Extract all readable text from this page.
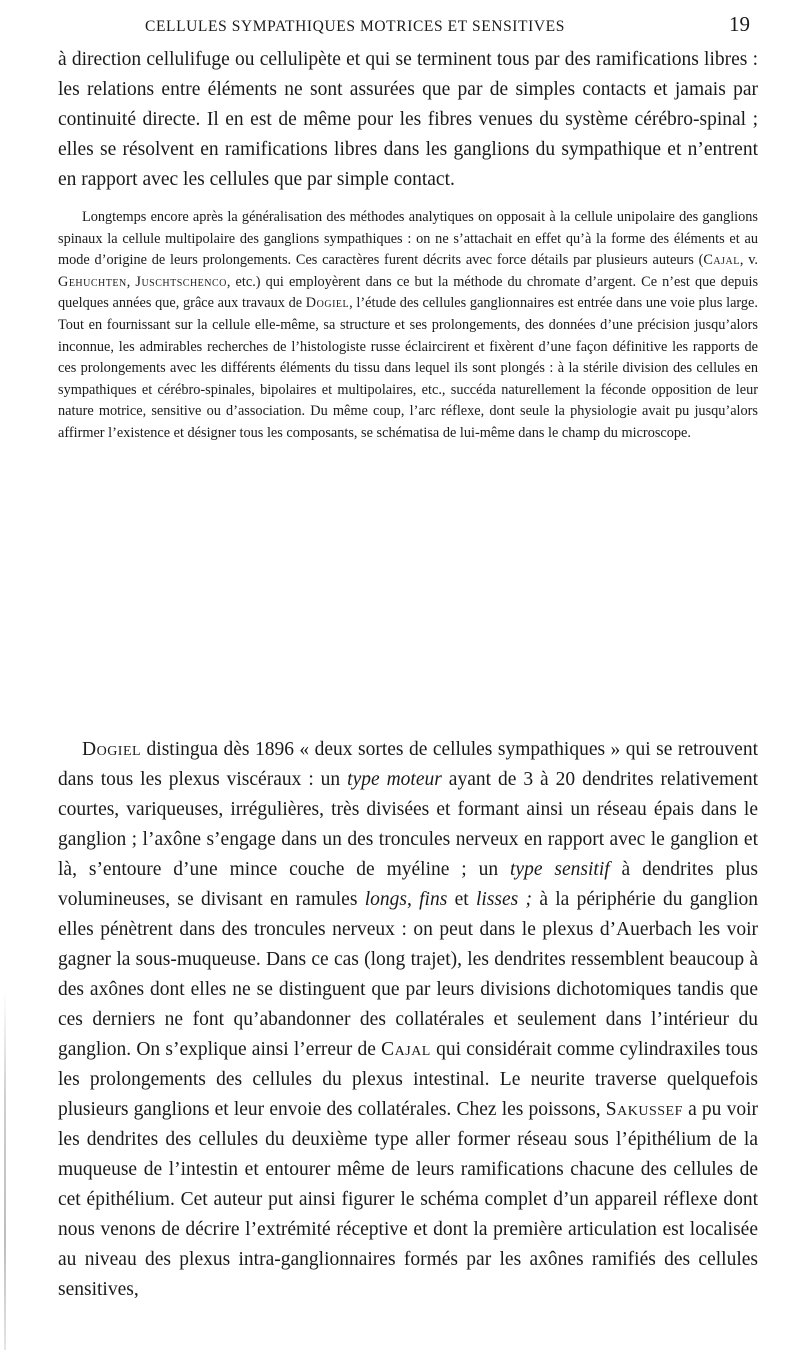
CELLULES SYMPATHIQUES MOTRICES ET SENSITIVES	19

à direction cellulifuge ou cellulipète et qui se terminent tous par des ramifications libres : les relations entre éléments ne sont assurées que par de simples contacts et jamais par continuité directe. Il en est de même pour les fibres venues du système cérébro-spinal ; elles se résolvent en ramifications libres dans les ganglions du sympathique et n’entrent en rapport avec les cellules que par simple contact.

Longtemps encore après la généralisation des méthodes analytiques on opposait à la cellule unipolaire des ganglions spinaux la cellule multipolaire des ganglions sympathiques : on ne s’attachait en effet qu’à la forme des éléments et au mode d’origine de leurs prolongements. Ces caractères furent décrits avec force détails par plusieurs auteurs (Cajal, v. Gehuchten, Juschtschenco, etc.) qui employèrent dans ce but la méthode du chromate d’argent. Ce n’est que depuis quelques années que, grâce aux travaux de Dogiel, l’étude des cellules ganglionnaires est entrée dans une voie plus large. Tout en fournissant sur la cellule elle-même, sa structure et ses prolongements, des données d’une précision jusqu’alors inconnue, les admirables recherches de l’histologiste russe éclaircirent et fixèrent d’une façon définitive les rapports de ces prolongements avec les différents éléments du tissu dans lequel ils sont plongés : à la stérile division des cellules en sympathiques et cérébro-spinales, bipolaires et multipolaires, etc., succéda naturellement la féconde opposition de leur nature motrice, sensitive ou d’association. Du même coup, l’arc réflexe, dont seule la physiologie avait pu jusqu’alors affirmer l’existence et désigner tous les composants, se schématisa de lui-même dans le champ du microscope.

Dogiel distingua dès 1896 « deux sortes de cellules sympathiques » qui se retrouvent dans tous les plexus viscéraux : un type moteur ayant de 3 à 20 dendrites relativement courtes, variqueuses, irrégulières, très divisées et formant ainsi un réseau épais dans le ganglion ; l’axône s’engage dans un des troncules nerveux en rapport avec le ganglion et là, s’entoure d’une mince couche de myéline ; un type sensitif à dendrites plus volumineuses, se divisant en ramules longs, fins et lisses ; à la périphérie du ganglion elles pénètrent dans des troncules nerveux : on peut dans le plexus d’Auerbach les voir gagner la sous-muqueuse. Dans ce cas (long trajet), les dendrites ressemblent beaucoup à des axônes dont elles ne se distinguent que par leurs divisions dichotomiques tandis que ces derniers ne font qu’abandonner des collatérales et seulement dans l’intérieur du ganglion. On s’explique ainsi l’erreur de Cajal qui considérait comme cylindraxiles tous les prolongements des cellules du plexus intestinal. Le neurite traverse quelquefois plusieurs ganglions et leur envoie des collatérales. Chez les poissons, Sakussef a pu voir les dendrites des cellules du deuxième type aller former réseau sous l’épithélium de la muqueuse de l’intestin et entourer même de leurs ramifications chacune des cellules de cet épithélium. Cet auteur put ainsi figurer le schéma complet d’un appareil réflexe dont nous venons de décrire l’extrémité réceptive et dont la première articulation est localisée au niveau des plexus intra-ganglionnaires formés par les axônes ramifiés des cellules sensitives,
